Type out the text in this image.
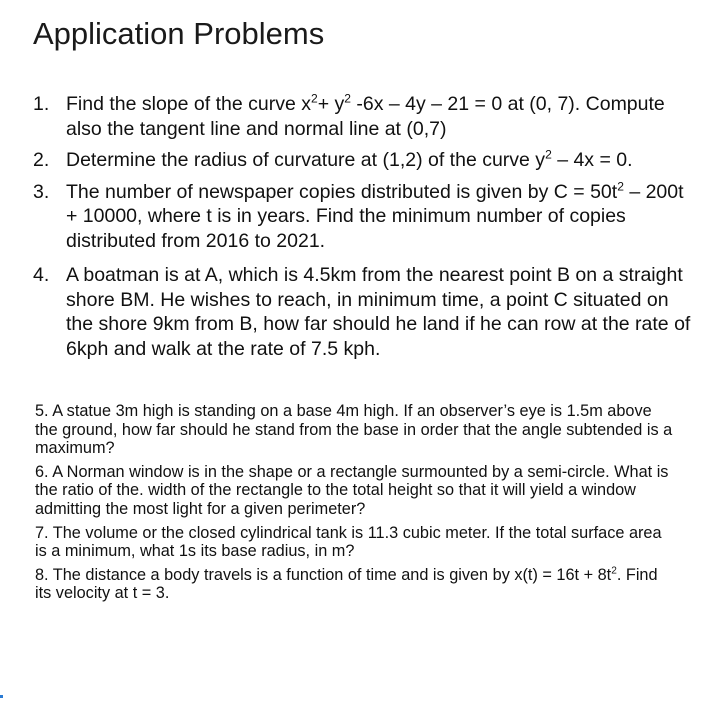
Application Problems
1. Find the slope of the curve $x^2+ y^2$ -6x – 4y – 21 = 0 at (0, 7). Compute also the tangent line and normal line at (0,7)
2. Determine the radius of curvature at (1,2) of the curve $y^2 - 4x = 0$.
3. The number of newspaper copies distributed is given by $C = 50t^2 - 200t + 10000$, where t is in years. Find the minimum number of copies distributed from 2016 to 2021.
4. A boatman is at A, which is 4.5km from the nearest point B on a straight shore BM. He wishes to reach, in minimum time, a point C situated on the shore 9km from B, how far should he land if he can row at the rate of 6kph and walk at the rate of 7.5 kph.
5. A statue 3m high is standing on a base 4m high. If an observer’s eye is 1.5m above the ground, how far should he stand from the base in order that the angle subtended is a maximum?
6. A Norman window is in the shape or a rectangle surmounted by a semi-circle. What is the ratio of the. width of the rectangle to the total height so that it will yield a window admitting the most light for a given perimeter?
7. The volume or the closed cylindrical tank is 11.3 cubic meter. If the total surface area is a minimum, what 1s its base radius, in m?
8. The distance a body travels is a function of time and is given by $x(t) = 16t + 8t^2$. Find its velocity at t = 3.
